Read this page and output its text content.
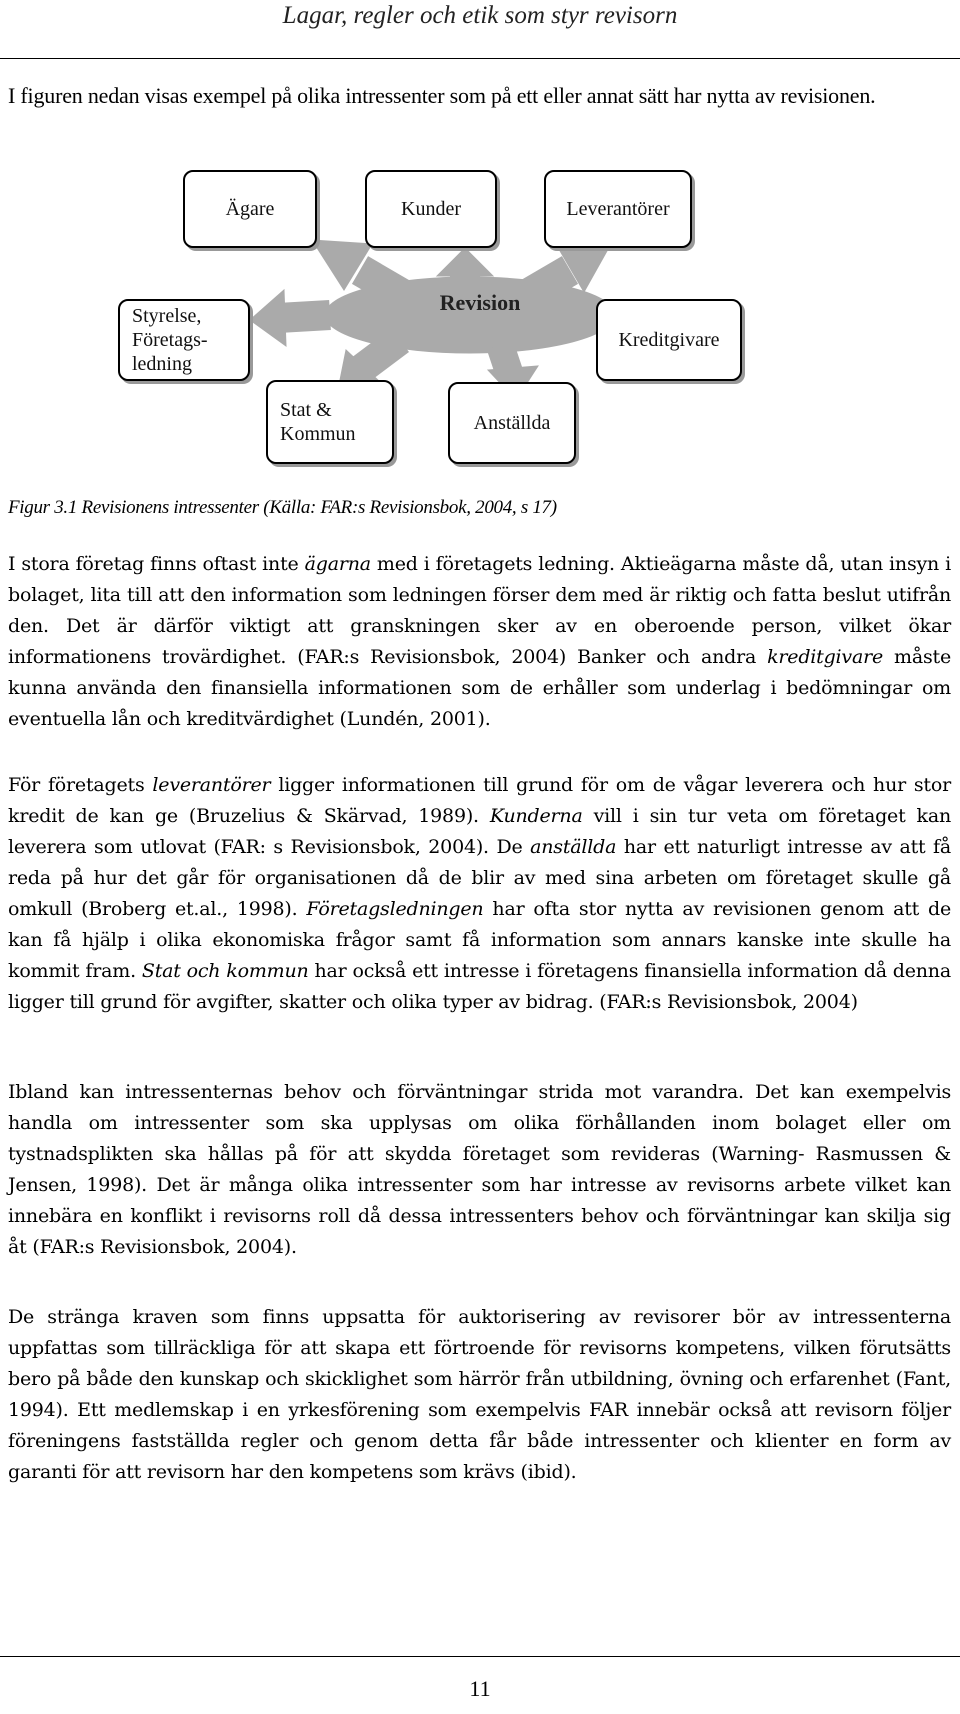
Lagar, regler och etik som styr revisorn

I figuren nedan visas exempel på olika intressenter som på ett eller annat sätt har nytta av revisionen.

Ägare	Kunder	Leverantörer
Styrelse,
Företags-
ledning
Kreditgivare
Stat &
Kommun
Anställda
Revision
Figur 3.1 Revisionens intressenter (Källa: FAR:s Revisionsbok, 2004, s 17)

I stora företag finns oftast inte ägarna med i företagets ledning. Aktieägarna måste då, utan insyn i bolaget, lita till att den information som ledningen förser dem med är riktig och fatta beslut utifrån den. Det är därför viktigt att granskningen sker av en oberoende person, vilket ökar informationens trovärdighet. (FAR:s Revisionsbok, 2004) Banker och andra kreditgivare måste kunna använda den finansiella informationen som de erhåller som underlag i bedömningar om eventuella lån och kreditvärdighet (Lundén, 2001).

För företagets leverantörer ligger informationen till grund för om de vågar leverera och hur stor kredit de kan ge (Bruzelius & Skärvad, 1989). Kunderna vill i sin tur veta om företaget kan leverera som utlovat (FAR: s Revisionsbok, 2004). De anställda har ett naturligt intresse av att få reda på hur det går för organisationen då de blir av med sina arbeten om företaget skulle gå omkull (Broberg et.al., 1998). Företagsledningen har ofta stor nytta av revisionen genom att de kan få hjälp i olika ekonomiska frågor samt få information som annars kanske inte skulle ha kommit fram. Stat och kommun har också ett intresse i företagens finansiella information då denna ligger till grund för avgifter, skatter och olika typer av bidrag. (FAR:s Revisionsbok, 2004)

Ibland kan intressenternas behov och förväntningar strida mot varandra. Det kan exempelvis handla om intressenter som ska upplysas om olika förhållanden inom bolaget eller om tystnadsplikten ska hållas på för att skydda företaget som revideras (Warning- Rasmussen & Jensen, 1998). Det är många olika intressenter som har intresse av revisorns arbete vilket kan innebära en konflikt i revisorns roll då dessa intressenters behov och förväntningar kan skilja sig åt (FAR:s Revisionsbok, 2004).

De stränga kraven som finns uppsatta för auktorisering av revisorer bör av intressenterna uppfattas som tillräckliga för att skapa ett förtroende för revisorns kompetens, vilken förutsätts bero på både den kunskap och skicklighet som härrör från utbildning, övning och erfarenhet (Fant, 1994). Ett medlemskap i en yrkesförening som exempelvis FAR innebär också att revisorn följer föreningens fastställda regler och genom detta får både intressenter och klienter en form av garanti för att revisorn har den kompetens som krävs (ibid).

11
